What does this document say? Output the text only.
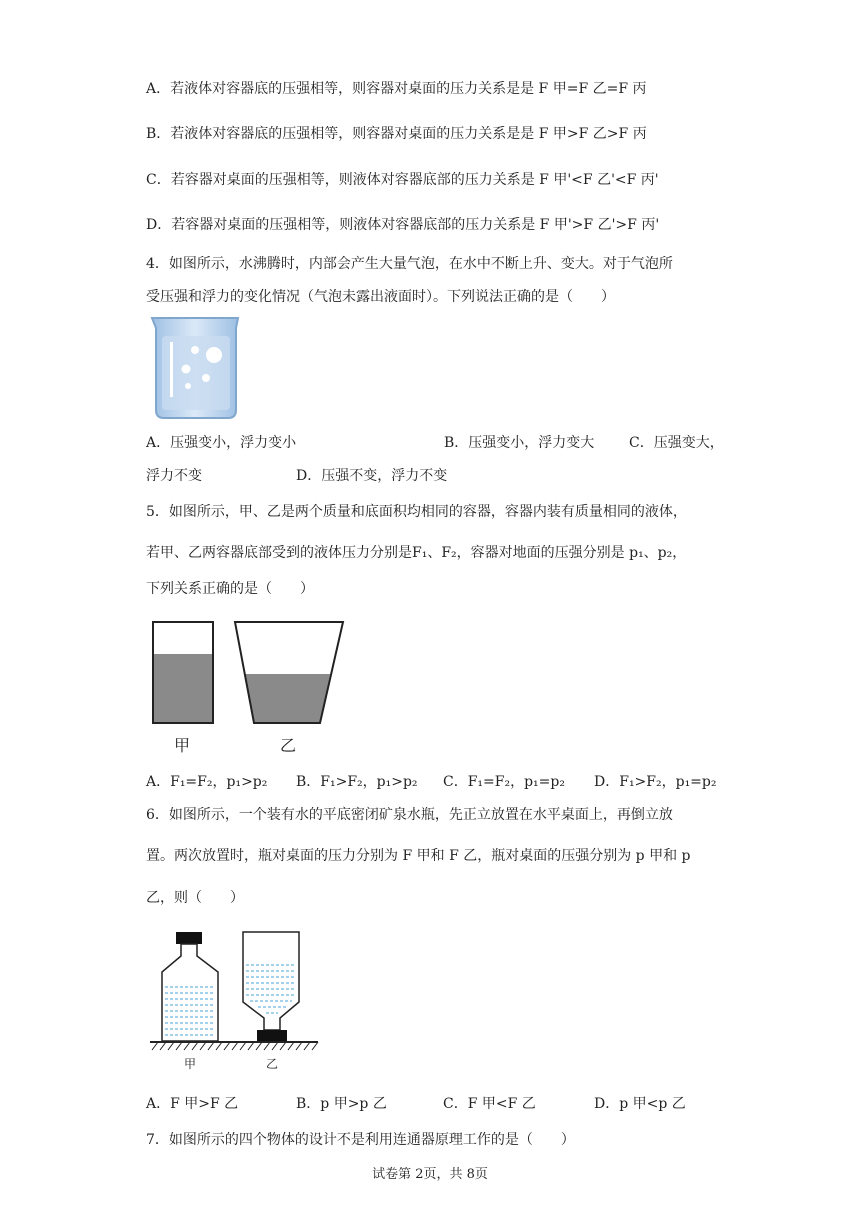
A．若液体对容器底的压强相等，则容器对桌面的压力关系是是 F 甲=F 乙=F 丙
B．若液体对容器底的压强相等，则容器对桌面的压力关系是是 F 甲>F 乙>F 丙
C．若容器对桌面的压强相等，则液体对容器底部的压力关系是 F 甲'<F 乙'<F 丙'
D．若容器对桌面的压强相等，则液体对容器底部的压力关系是 F 甲'>F 乙'>F 丙'
4．如图所示，水沸腾时，内部会产生大量气泡，在水中不断上升、变大。对于气泡所
受压强和浮力的变化情况（气泡未露出液面时）。下列说法正确的是（　　）
A．压强变小，浮力变小	B．压强变小，浮力变大 C．压强变大，
浮力不变	D．压强不变，浮力不变
5．如图所示，甲、乙是两个质量和底面积均相同的容器，容器内装有质量相同的液体，
若甲、乙两容器底部受到的液体压力分别是F₁、F₂，容器对地面的压强分别是 p₁、p₂，
下列关系正确的是（　　）
甲	乙
A．F₁=F₂，p₁>p₂ B．F₁>F₂，p₁>p₂ C．F₁=F₂，p₁=p₂ D．F₁>F₂，p₁=p₂
6．如图所示，一个装有水的平底密闭矿泉水瓶，先正立放置在水平桌面上，再倒立放
置。两次放置时，瓶对桌面的压力分别为 F 甲和 F 乙，瓶对桌面的压强分别为 p 甲和 p
乙，则（　　）
甲	乙
A．F 甲>F 乙	B．p 甲>p 乙	C．F 甲<F 乙	D．p 甲<p 乙
7．如图所示的四个物体的设计不是利用连通器原理工作的是（　　）
试卷第 2页，共 8页
